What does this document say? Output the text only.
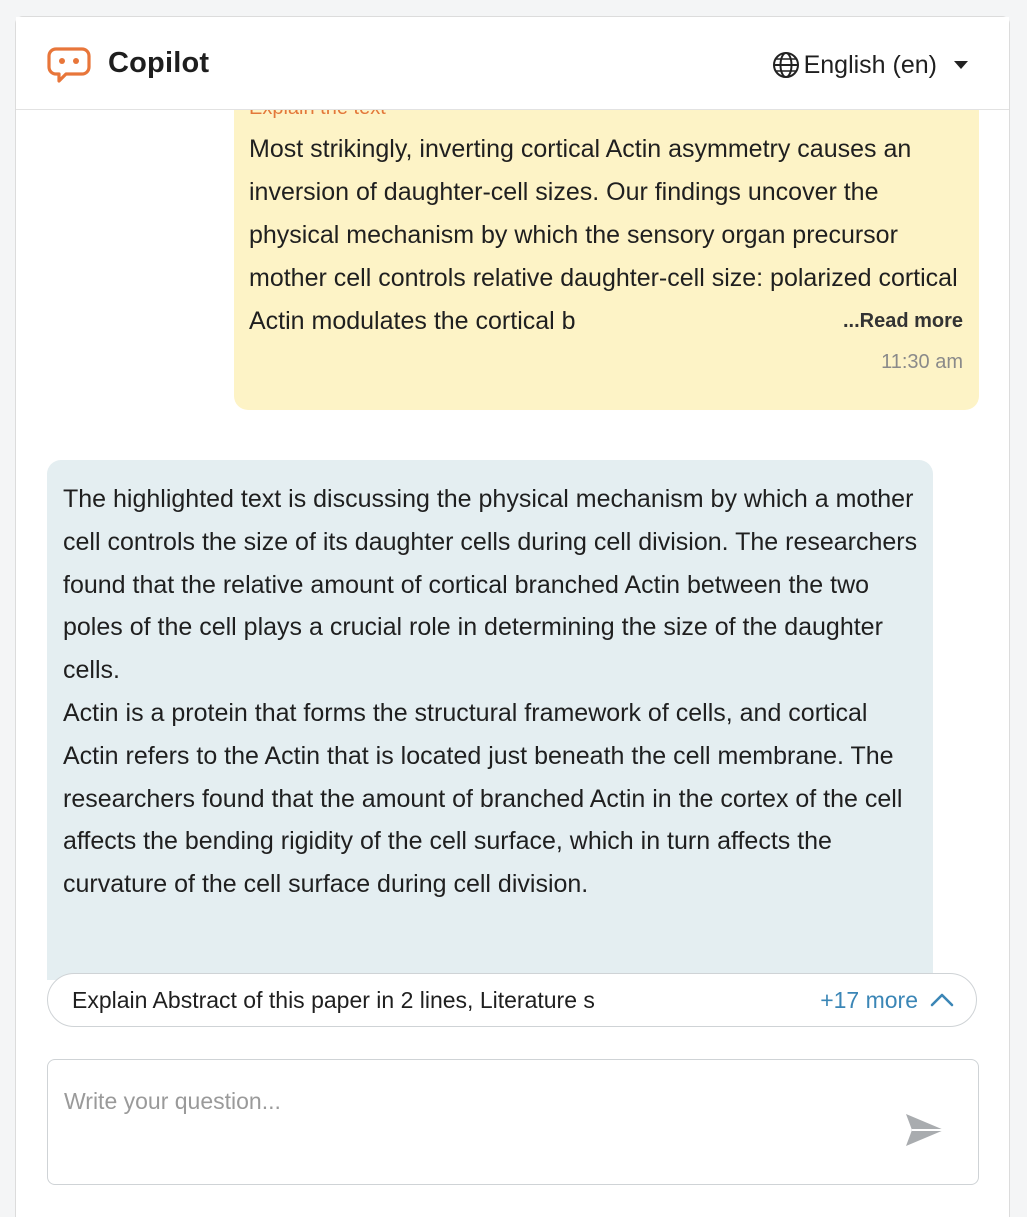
Copilot	English (en)
Most strikingly, inverting cortical Actin asymmetry causes an inversion of daughter-cell sizes. Our findings uncover the physical mechanism by which the sensory organ precursor mother cell controls relative daughter-cell size: polarized cortical Actin modulates the cortical b	...Read more
11:30 am

The highlighted text is discussing the physical mechanism by which a mother cell controls the size of its daughter cells during cell division. The researchers found that the relative amount of cortical branched Actin between the two poles of the cell plays a crucial role in determining the size of the daughter cells.

Actin is a protein that forms the structural framework of cells, and cortical Actin refers to the Actin that is located just beneath the cell membrane. The researchers found that the amount of branched Actin in the cortex of the cell affects the bending rigidity of the cell surface, which in turn affects the curvature of the cell surface during cell division.

Explain Abstract of this paper in 2 lines, Literature s	+17 more
Write your question...
